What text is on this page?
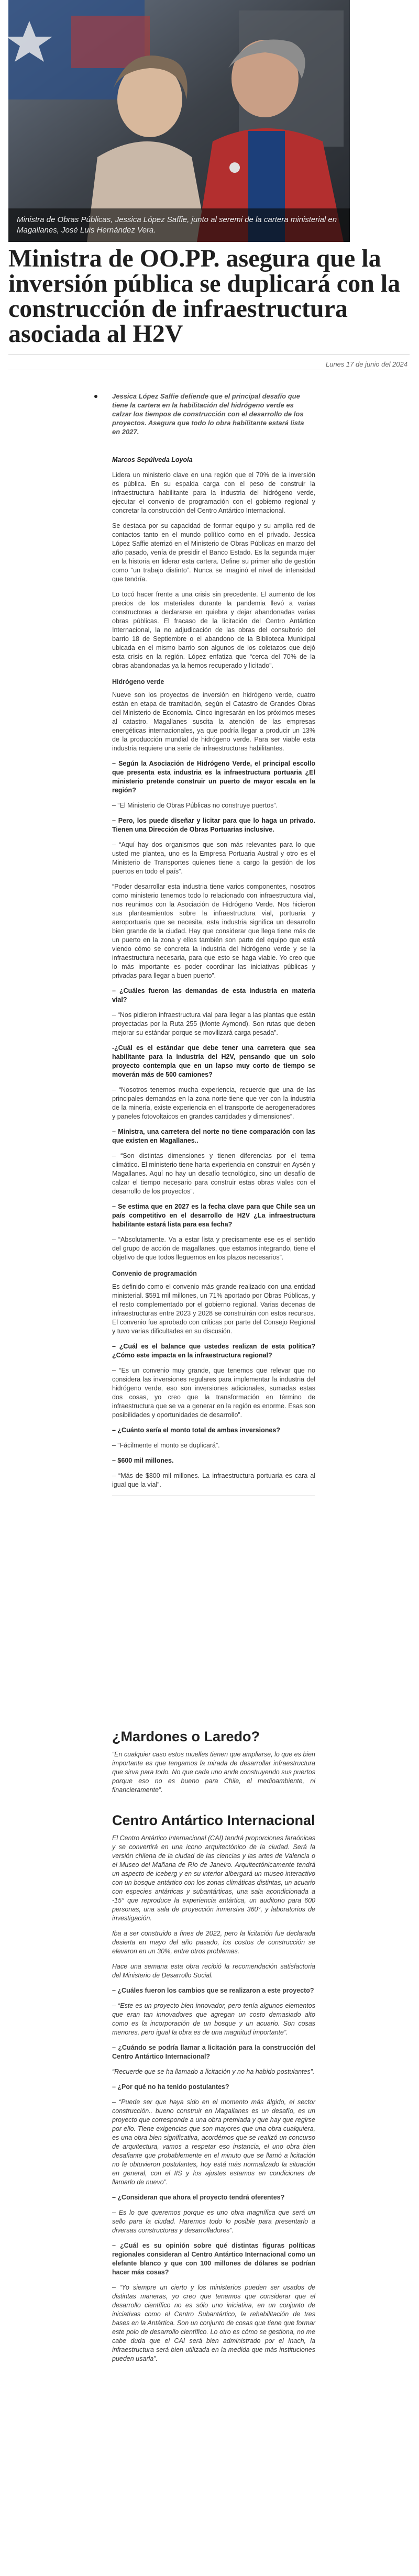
Ministra de Obras Públicas, Jessica López Saffie, junto al seremi de la cartera ministerial en Magallanes, José Luis Hernández Vera.
Ministra de OO.PP. asegura que la inversión pública se duplicará con la construcción de infraestructura asociada al H2V
Lunes 17 de junio del 2024
Jessica López Saffie defiende que el principal desafío que tiene la cartera en la habilitación del hidrógeno verde es calzar los tiempos de construcción con el desarrollo de los proyectos. Asegura que todo lo obra habilitante estará lista en 2027.

Marcos Sepúlveda Loyola

Lidera un ministerio clave en una región que el 70% de la inversión es pública. En su espalda carga con el peso de construir la infraestructura habilitante para la industria del hidrógeno verde, ejecutar el convenio de programación con el gobierno regional y concretar la construcción del Centro Antártico Internacional.

Se destaca por su capacidad de formar equipo y su amplia red de contactos tanto en el mundo político como en el privado. Jessica López Saffie aterrizó en el Ministerio de Obras Públicas en marzo del año pasado, venía de presidir el Banco Estado. Es la segunda mujer en la historia en liderar esta cartera. Define su primer año de gestión como “un trabajo distinto”. Nunca se imaginó el nivel de intensidad que tendría.

Lo tocó hacer frente a una crisis sin precedente. El aumento de los precios de los materiales durante la pandemia llevó a varias constructoras a declararse en quiebra y dejar abandonadas varias obras públicas. El fracaso de la licitación del Centro Antártico Internacional, la no adjudicación de las obras del consultorio del barrio 18 de Septiembre o el abandono de la Biblioteca Municipal ubicada en el mismo barrio son algunos de los coletazos que dejó esta crisis en la región. López enfatiza que “cerca del 70% de la obras abandonadas ya la hemos recuperado y licitado”.

Hidrógeno verde

Nueve son los proyectos de inversión en hidrógeno verde, cuatro están en etapa de tramitación, según el Catastro de Grandes Obras del Ministerio de Economía. Cinco ingresarán en los próximos meses al catastro. Magallanes suscita la atención de las empresas energéticas internacionales, ya que podría llegar a producir un 13% de la producción mundial de hidrógeno verde. Para ser viable esta industria requiere una serie de infraestructuras habilitantes.

– Según la Asociación de Hidrógeno Verde, el principal escollo que presenta esta industria es la infraestructura portuaria ¿El ministerio pretende construir un puerto de mayor escala en la región?

– “El Ministerio de Obras Públicas no construye puertos”.

– Pero, los puede diseñar y licitar para que lo haga un privado. Tienen una Dirección de Obras Portuarias inclusive.

– “Aquí hay dos organismos que son más relevantes para lo que usted me plantea, uno es la Empresa Portuaria Austral y otro es el Ministerio de Transportes quienes tiene a cargo la gestión de los puertos en todo el país”.

“Poder desarrollar esta industria tiene varios componentes, nosotros como ministerio tenemos todo lo relacionado con infraestructura vial, nos reunimos con la Asociación de Hidrógeno Verde. Nos hicieron sus planteamientos sobre la infraestructura vial, portuaria y aeroportuaria que se necesita, esta industria significa un desarrollo bien grande de la ciudad. Hay que considerar que llega tiene más de un puerto en la zona y ellos también son parte del equipo que está viendo cómo se concreta la industria del hidrógeno verde y se la infraestructura necesaria, para que esto se haga viable. Yo creo que lo más importante es poder coordinar las iniciativas públicas y privadas para llegar a buen puerto”.

– ¿Cuáles fueron las demandas de esta industria en materia vial?

– “Nos pidieron infraestructura vial para llegar a las plantas que están proyectadas por la Ruta 255 (Monte Aymond). Son rutas que deben mejorar su estándar porque se movilizará carga pesada”.

-¿Cuál es el estándar que debe tener una carretera que sea habilitante para la industria del H2V, pensando que un solo proyecto contempla que en un lapso muy corto de tiempo se moverán más de 500 camiones?

– “Nosotros tenemos mucha experiencia, recuerde que una de las principales demandas en la zona norte tiene que ver con la industria de la minería, existe experiencia en el transporte de aerogeneradores y paneles fotovoltaicos en grandes cantidades y dimensiones”.

– Ministra, una carretera del norte no tiene comparación con las que existen en Magallanes..

– “Son distintas dimensiones y tienen diferencias por el tema climático. El ministerio tiene harta experiencia en construir en Aysén y Magallanes. Aquí no hay un desafío tecnológico, sino un desafío de calzar el tiempo necesario para construir estas obras viales con el desarrollo de los proyectos”.

– Se estima que en 2027 es la fecha clave para que Chile sea un país competitivo en el desarrollo de H2V ¿La infraestructura habilitante estará lista para esa fecha?

– “Absolutamente. Va a estar lista y precisamente ese es el sentido del grupo de acción de magallanes, que estamos integrando, tiene el objetivo de que todos lleguemos en los plazos necesarios”.

Convenio de programación

Es definido como el convenio más grande realizado con una entidad ministerial. $591 mil millones, un 71% aportado por Obras Públicas, y el resto complementado por el gobierno regional. Varias decenas de infraestructuras entre 2023 y 2028 se construirán con estos recursos. El convenio fue aprobado con críticas por parte del Consejo Regional y tuvo varias dificultades en su discusión.

– ¿Cuál es el balance que ustedes realizan de esta política? ¿Cómo este impacta en la infraestructura regional?

– “Es un convenio muy grande, que tenemos que relevar que no considera las inversiones regulares para implementar la industria del hidrógeno verde, eso son inversiones adicionales, sumadas estas dos cosas, yo creo que la transformación en término de infraestructura que se va a generar en la región es enorme. Esas son posibilidades y oportunidades de desarrollo”.

– ¿Cuánto sería el monto total de ambas inversiones?

– “Fácilmente el monto se duplicará”.

– $600 mil millones.

– “Más de $800 mil millones. La infraestructura portuaria es cara al igual que la vial”.

¿Mardones o Laredo?

“En cualquier caso estos muelles tienen que ampliarse, lo que es bien importante es que tengamos la mirada de desarrollar infraestructura que sirva para todo. No que cada uno ande construyendo sus puertos porque eso no es bueno para Chile, el medioambiente, ni financieramente”.

Centro Antártico Internacional

El Centro Antártico Internacional (CAI) tendrá proporciones faraónicas y se convertirá en una icono arquitectónico de la ciudad. Será la versión chilena de la ciudad de las ciencias y las artes de Valencia o el Museo del Mañana de Río de Janeiro. Arquitectónicamente tendrá un aspecto de iceberg y en su interior albergará un museo interactivo con un bosque antártico con los zonas climáticas distintas, un acuario con especies antárticas y subantárticas, una sala acondicionada a -15° que reproduce la experiencia antártica, un auditorio para 600 personas, una sala de proyección inmersiva 360°, y laboratorios de investigación.

Iba a ser construido a fines de 2022, pero la licitación fue declarada desierta en mayo del año pasado, los costos de construcción se elevaron en un 30%, entre otros problemas.

Hace una semana esta obra recibió la recomendación satisfactoria del Ministerio de Desarrollo Social.

– ¿Cuáles fueron los cambios que se realizaron a este proyecto?

– “Este es un proyecto bien innovador, pero tenía algunos elementos que eran tan innovadores que agregan un costo demasiado alto como es la incorporación de un bosque y un acuario. Son cosas menores, pero igual la obra es de una magnitud importante”.

– ¿Cuándo se podría llamar a licitación para la construcción del Centro Antártico Internacional?

“Recuerde que se ha llamado a licitación y no ha habido postulantes”.

– ¿Por qué no ha tenido postulantes?

– “Puede ser que haya sido en el momento más álgido, el sector construcción.. bueno construir en Magallanes es un desafío, es un proyecto que corresponde a una obra premiada y que hay que regirse por ello. Tiene exigencias que son mayores que una obra cualquiera, es una obra bien significativa, acordémos que se realizó un concurso de arquitectura, vamos a respetar eso instancia, el uno obra bien desafiante que probablemente en el minuto que se llamó a licitación no le obtuvieron postulantes, hoy está más normalizado la situación en general, con el IIS y los ajustes estamos en condiciones de llamarlo de nuevo”.

– ¿Consideran que ahora el proyecto tendrá oferentes?

– Es lo que queremos porque es uno obra magnífica que será un sello para la ciudad. Haremos todo lo posible para presentarlo a diversas constructoras y desarrolladores”.

– ¿Cuál es su opinión sobre qué distintas figuras políticas regionales consideran al Centro Antártico Internacional como un elefante blanco y que con 100 millones de dólares se podrían hacer más cosas?

– “Yo siempre un cierto y los ministerios pueden ser usados de distintas maneras, yo creo que tenemos que considerar que el desarrollo científico no es sólo uno iniciativa, en un conjunto de iniciativas como el Centro Subantártico, la rehabilitación de tres bases en la Antártica. Son un conjunto de cosas que tiene que formar este polo de desarrollo científico. Lo otro es cómo se gestiona, no me cabe duda que el CAI será bien administrado por el Inach, la infraestructura será bien utilizada en la medida que más instituciones pueden usarla”.
